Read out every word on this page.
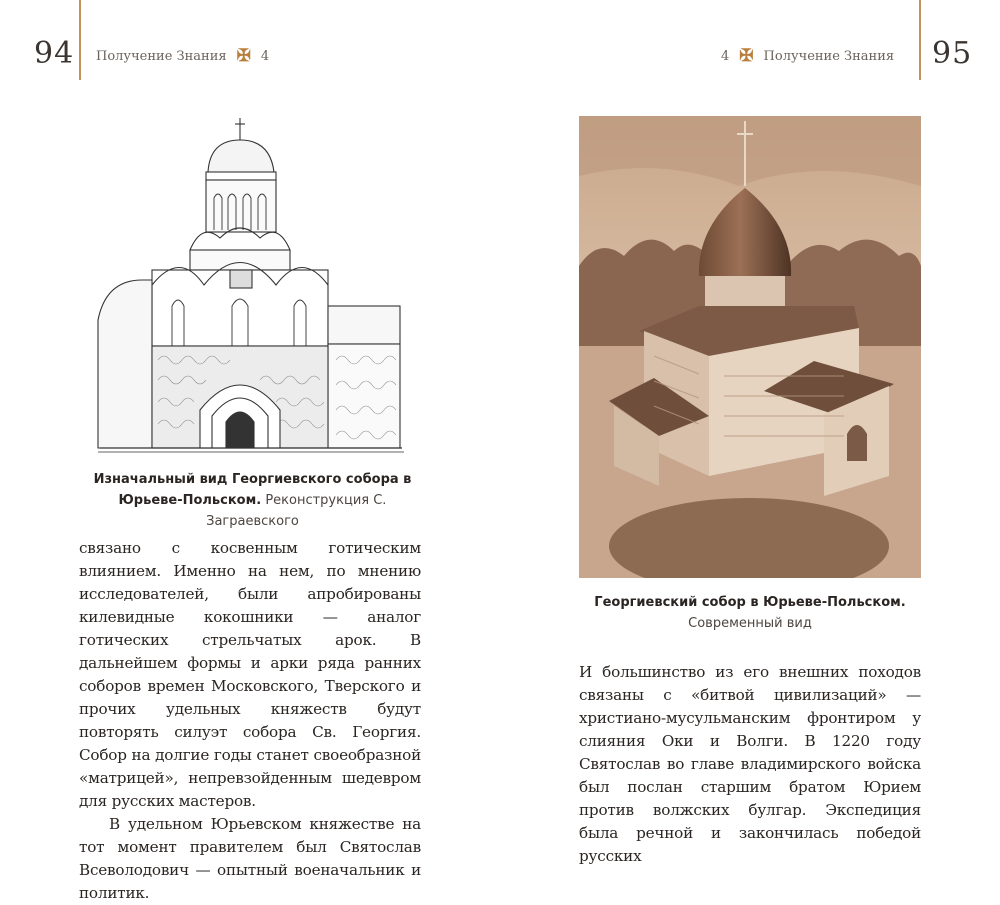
94 Получение Знания ✠ 4
Изначальный вид Георгиевского собора в Юрьеве-Польском. Реконструкция С. Заграевского

связано с косвенным готическим влиянием. Именно на нем, по мнению исследователей, были апробированы килевидные кокошники — аналог готических стрельчатых арок. В дальнейшем формы и арки ряда ранних соборов времен Московского, Тверского и прочих удельных княжеств будут повторять силуэт собора Св. Георгия. Собор на долгие годы станет своеобразной «матрицей», непревзойденным шедевром для русских мастеров.

В удельном Юрьевском княжестве на тот момент правителем был Святослав Всеволодович — опытный военачальник и политик.

95
4 ✠ Получение Знания
Георгиевский собор в Юрьеве-Польском.
Современный вид

И большинство из его внешних походов связаны с «битвой цивилизаций» — христиано-мусульманским фронтиром у слияния Оки и Волги. В 1220 году Святослав во главе владимирского войска был послан старшим братом Юрием против волжских булгар. Экспедиция была речной и закончилась победой русских
